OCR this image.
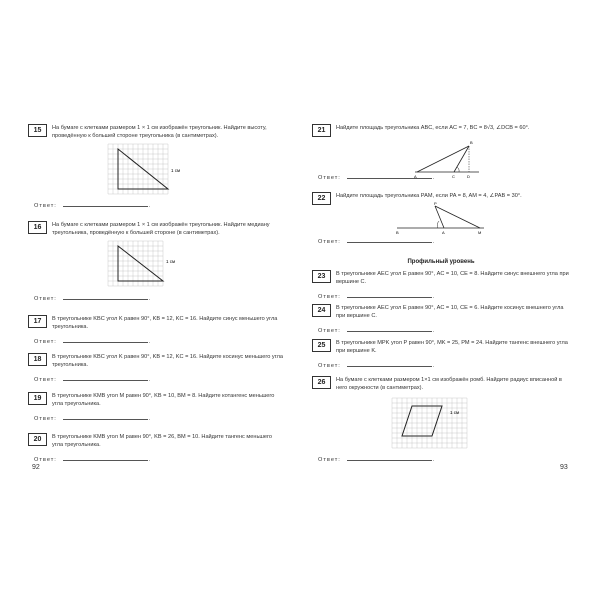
15	На бумаге с клетками размером 1 × 1 см изображён треугольник. Найдите высоту, проведённую к большей стороне треугольника (в сантиметрах).
1 см
Ответ:	.
16	На бумаге с клетками размером 1 × 1 см изображён треугольник. Найдите медиану треугольника, проведённую к большей стороне (в сантиметрах).
1 см
Ответ:	.
17	В треугольнике KBC угол K равен 90°, KB = 12, KC = 16. Найдите синус меньшего угла треугольника.
Ответ:	.
18	В треугольнике KBC угол K равен 90°, KB = 12, KC = 16. Найдите косинус меньшего угла треугольника.
Ответ:	.
19	В треугольнике KMB угол M равен 90°, KB = 10, BM = 8. Найдите котангенс меньшего угла треугольника.
Ответ:	.
20	В треугольнике KMB угол M равен 90°, KB = 26, BM = 10. Найдите тангенс меньшего угла треугольника.
Ответ:	.
92
21	Найдите площадь треугольника ABC, если AC = 7, BC = 8√3, ∠DCB = 60°.
A	C	D
B
Ответ:	.
22	Найдите площадь треугольника PAM, если PA = 8, AM = 4, ∠PAB = 30°.
P
B	A	M
Ответ:	.
Профильный уровень
23	В треугольнике AEC угол E равен 90°, AC = 10, CE = 8. Найдите синус внешнего угла при вершине C.
Ответ:	.
24	В треугольнике AEC угол E равен 90°, AC = 10, CE = 6. Найдите косинус внешнего угла при вершине C.
Ответ:	.
25	В треугольнике MPK угол P равен 90°, MK = 25, PM = 24. Найдите тангенс внешнего угла при вершине K.
Ответ:	.
26	На бумаге с клетками размером 1×1 см изображён ромб. Найдите радиус вписанной в него окружности (в сантиметрах).
1 см
Ответ:	.
93
